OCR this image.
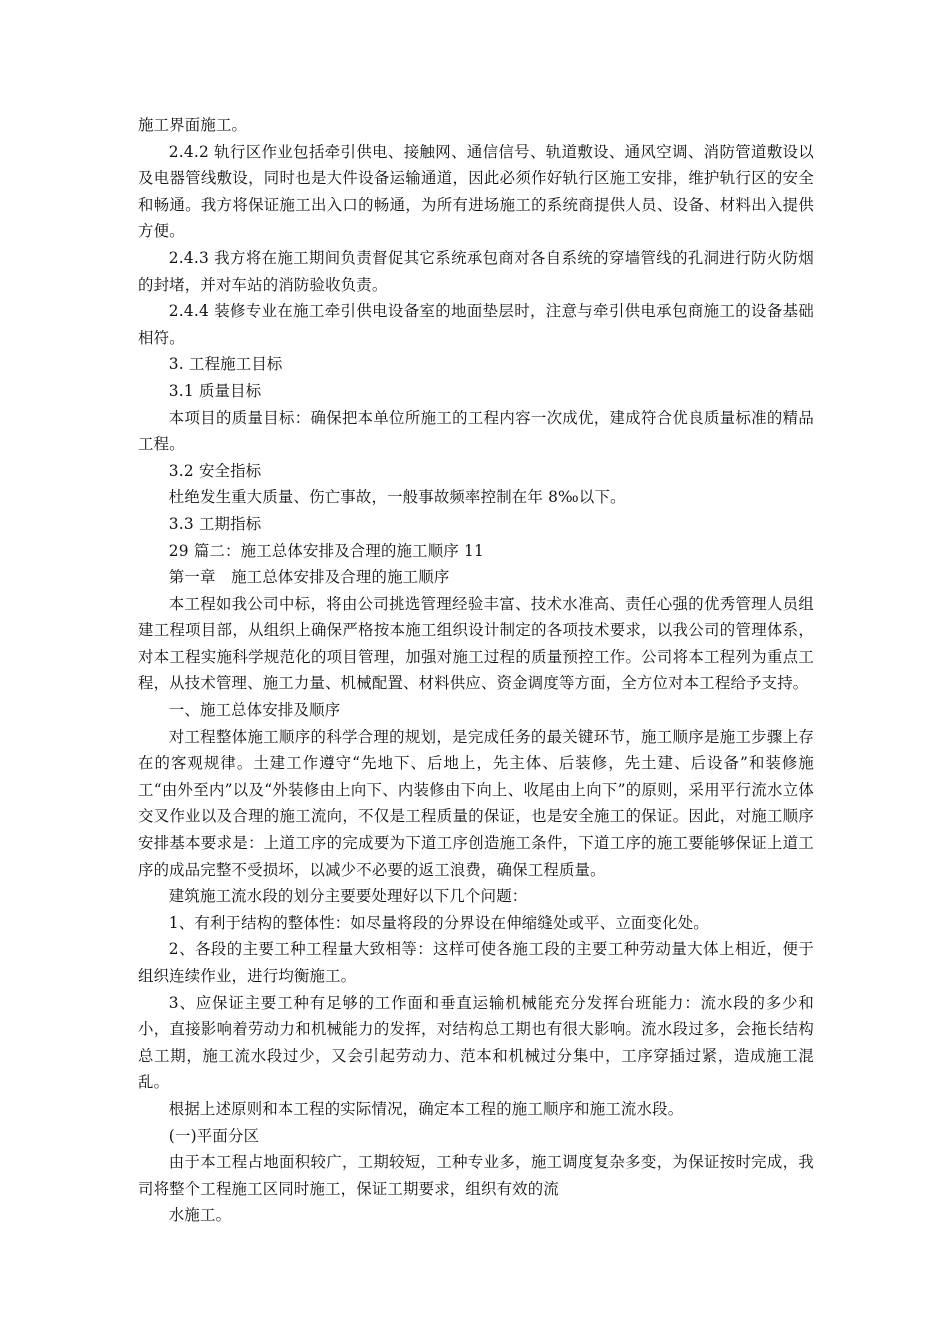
施工界面施工。

2.4.2 轨行区作业包括牵引供电、接触网、通信信号、轨道敷设、通风空调、消防管道敷设以及电器管线敷设，同时也是大件设备运输通道，因此必须作好轨行区施工安排，维护轨行区的安全和畅通。我方将保证施工出入口的畅通，为所有进场施工的系统商提供人员、设备、材料出入提供方便。

2.4.3 我方将在施工期间负责督促其它系统承包商对各自系统的穿墙管线的孔洞进行防火防烟的封堵，并对车站的消防验收负责。

2.4.4 装修专业在施工牵引供电设备室的地面垫层时，注意与牵引供电承包商施工的设备基础相符。

3. 工程施工目标

3.1 质量目标

本项目的质量目标：确保把本单位所施工的工程内容一次成优，建成符合优良质量标准的精品工程。

3.2 安全指标

杜绝发生重大质量、伤亡事故，一般事故频率控制在年 8‰以下。

3.3 工期指标

29 篇二：施工总体安排及合理的施工顺序 11

第一章　施工总体安排及合理的施工顺序

本工程如我公司中标，将由公司挑选管理经验丰富、技术水准高、责任心强的优秀管理人员组建工程项目部，从组织上确保严格按本施工组织设计制定的各项技术要求，以我公司的管理体系，对本工程实施科学规范化的项目管理，加强对施工过程的质量预控工作。公司将本工程列为重点工程，从技术管理、施工力量、机械配置、材料供应、资金调度等方面，全方位对本工程给予支持。

一、施工总体安排及顺序

对工程整体施工顺序的科学合理的规划，是完成任务的最关键环节，施工顺序是施工步骤上存在的客观规律。土建工作遵守“先地下、后地上，先主体、后装修，先土建、后设备”和装修施工“由外至内”以及“外装修由上向下、内装修由下向上、收尾由上向下”的原则，采用平行流水立体交叉作业以及合理的施工流向，不仅是工程质量的保证，也是安全施工的保证。因此，对施工顺序安排基本要求是：上道工序的完成要为下道工序创造施工条件，下道工序的施工要能够保证上道工序的成品完整不受损坏，以减少不必要的返工浪费，确保工程质量。

建筑施工流水段的划分主要要处理好以下几个问题：

1、有利于结构的整体性：如尽量将段的分界设在伸缩缝处或平、立面变化处。

2、各段的主要工种工程量大致相等：这样可使各施工段的主要工种劳动量大体上相近，便于组织连续作业，进行均衡施工。

3、应保证主要工种有足够的工作面和垂直运输机械能充分发挥台班能力：流水段的多少和小，直接影响着劳动力和机械能力的发挥，对结构总工期也有很大影响。流水段过多，会拖长结构总工期，施工流水段过少，又会引起劳动力、范本和机械过分集中，工序穿插过紧，造成施工混乱。

根据上述原则和本工程的实际情况，确定本工程的施工顺序和施工流水段。

(一)平面分区

由于本工程占地面积较广，工期较短，工种专业多，施工调度复杂多变，为保证按时完成，我司将整个工程施工区同时施工，保证工期要求，组织有效的流

水施工。
